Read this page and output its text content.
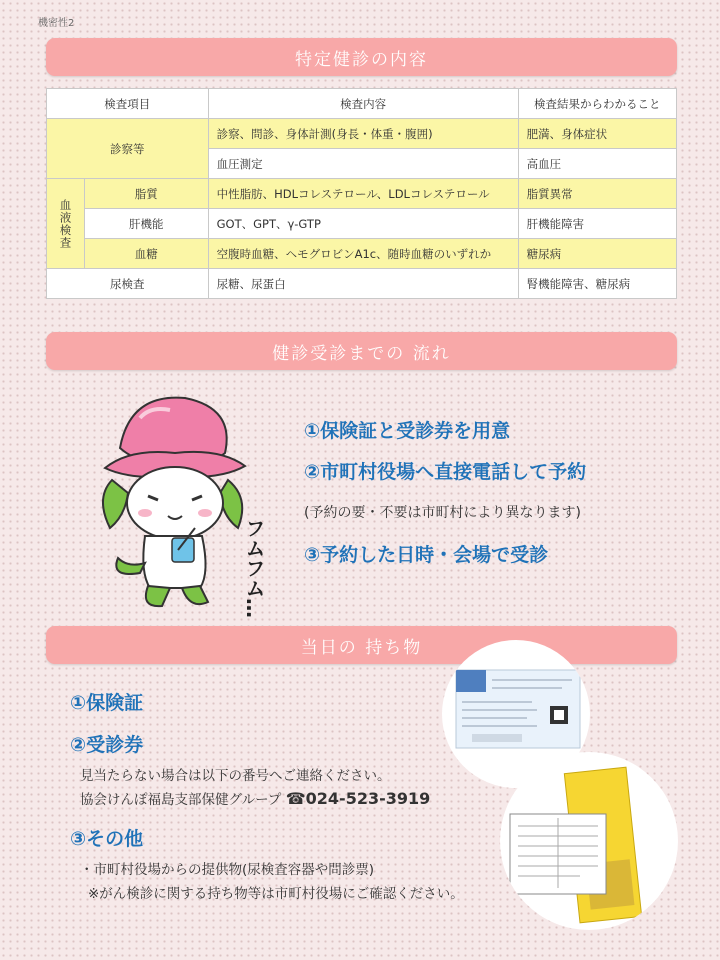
機密性2
特定健診の内容
検査項目		検査内容	検査結果からわかること
診察等		診察、問診、身体計測(身長・体重・腹囲)	肥満、身体症状
		血圧測定	高血圧
血液検査	脂質	中性脂肪、HDLコレステロール、LDLコレステロール	脂質異常
	肝機能	GOT、GPT、γ-GTP	肝機能障害
	血糖	空腹時血糖、ヘモグロビンA1c、随時血糖のいずれか	糖尿病
尿検査		尿糖、尿蛋白	腎機能障害、糖尿病
健診受診までの 流れ
フムフム…
①保険証と受診券を用意
②市町村役場へ直接電話して予約
(予約の要・不要は市町村により異なります)
③予約した日時・会場で受診
当日の 持ち物
①保険証
②受診券
見当たらない場合は以下の番号へご連絡ください。
協会けんぽ福島支部保健グループ ☎024-523-3919
③その他
・市町村役場からの提供物(尿検査容器や問診票)
※がん検診に関する持ち物等は市町村役場にご確認ください。
